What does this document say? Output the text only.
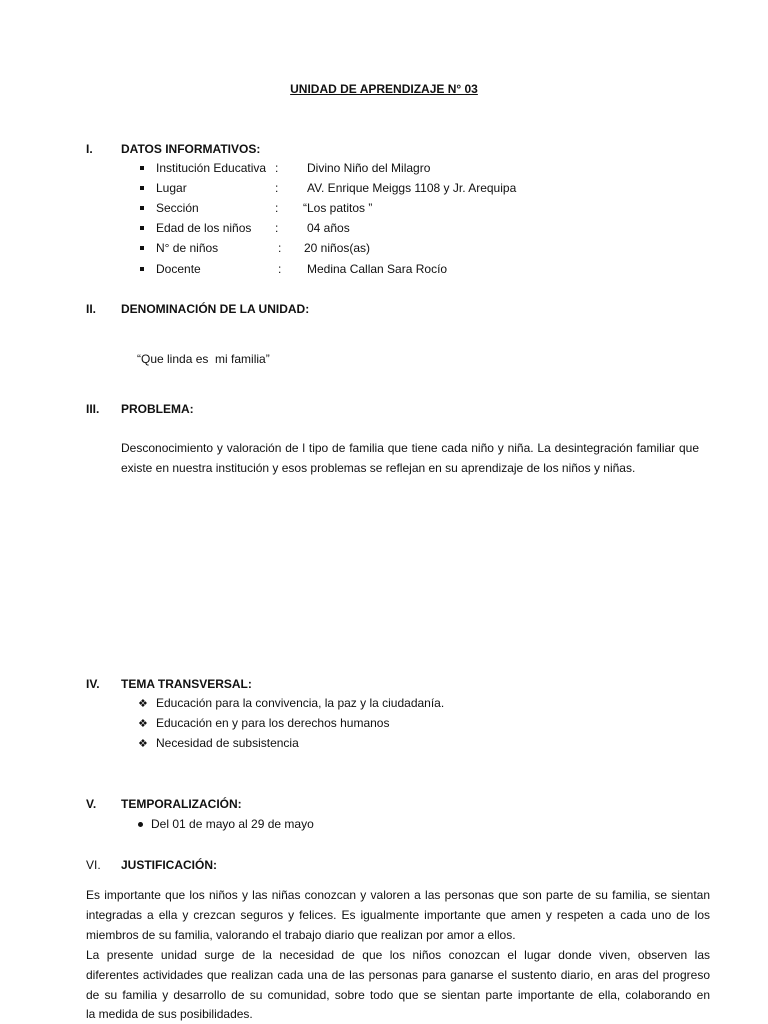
UNIDAD DE APRENDIZAJE N° 03
I. DATOS INFORMATIVOS:
Institución Educativa : Divino Niño del Milagro
Lugar	: AV. Enrique Meiggs 1108 y Jr. Arequipa
Sección	: “Los patitos ”
Edad de los niños : 04 años
N° de niños	: 20 niños(as)
Docente	: Medina Callan Sara Rocío
II. DENOMINACIÓN DE LA UNIDAD:
“Que linda es  mi familia”
III. PROBLEMA:
Desconocimiento y valoración de l tipo de familia que tiene cada niño y niña. La desintegración familiar que existe en nuestra institución y esos problemas se reflejan en su aprendizaje de los niños y niñas.
IV. TEMA TRANSVERSAL:
❖ Educación para la convivencia, la paz y la ciudadanía.
❖ Educación en y para los derechos humanos
❖ Necesidad de subsistencia
V. TEMPORALIZACIÓN:
Del 01 de mayo al 29 de mayo
VI. JUSTIFICACIÓN:
Es importante que los niños y las niñas conozcan y valoren a las personas que son parte de su familia, se sientan
integradas a ella y crezcan seguros y felices. Es igualmente importante que amen y respeten a cada uno de los
miembros de su familia, valorando el trabajo diario que realizan por amor a ellos.
La presente unidad surge de la necesidad de que los niños conozcan el lugar donde viven, observen las
diferentes actividades que realizan cada una de las personas para ganarse el sustento diario, en aras del progreso
de su familia y desarrollo de su comunidad, sobre todo que se sientan parte importante de ella, colaborando en
la medida de sus posibilidades.
